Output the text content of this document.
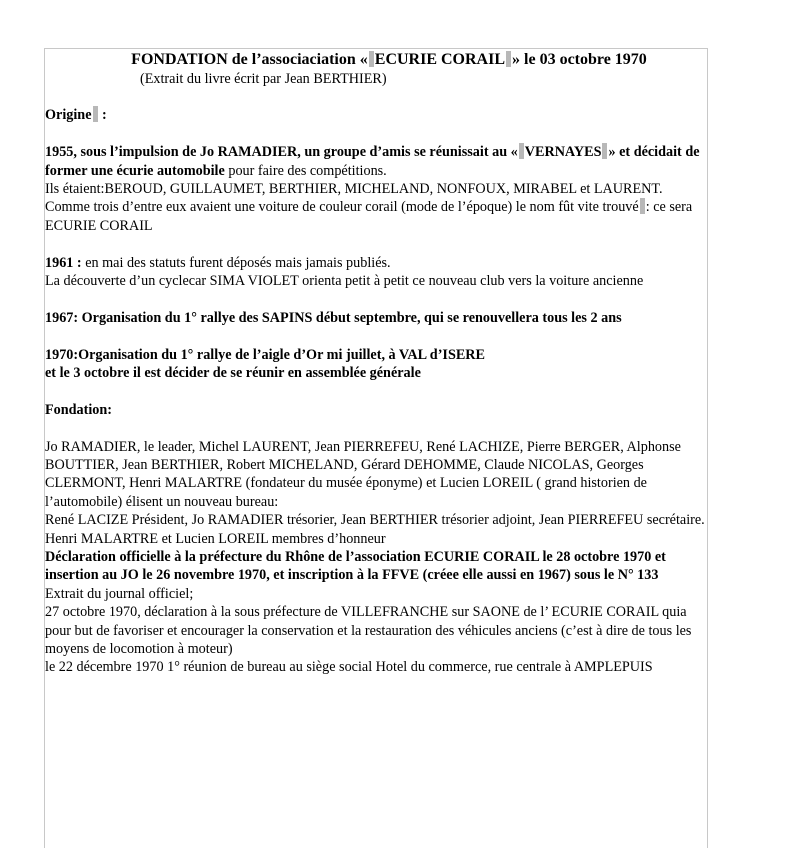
FONDATION de l’associaciation « ECURIE CORAIL » le 03 octobre 1970
(Extrait du livre écrit par Jean BERTHIER)

Origine :

1955, sous l’impulsion de Jo RAMADIER, un groupe d’amis se réunissait au « VERNAYES » et décidait de former une écurie automobile pour faire des compétitions.

Ils étaient:BEROUD, GUILLAUMET, BERTHIER, MICHELAND, NONFOUX, MIRABEL et LAURENT.

Comme trois d’entre eux avaient une voiture de couleur corail (mode de l’époque) le nom fût vite trouvé : ce sera ECURIE CORAIL

1961 : en mai des statuts furent déposés mais jamais publiés.

La découverte d’un cyclecar SIMA VIOLET orienta petit à petit ce nouveau club vers la voiture ancienne

1967: Organisation du 1° rallye des SAPINS début septembre, qui se renouvellera tous les 2 ans

1970:Organisation du 1° rallye de l’aigle d’Or mi juillet, à VAL d’ISERE

et le 3 octobre il est décider de se réunir en assemblée générale

Fondation:

Jo RAMADIER, le leader, Michel LAURENT, Jean PIERREFEU, René LACHIZE, Pierre BERGER, Alphonse BOUTTIER, Jean BERTHIER, Robert MICHELAND, Gérard DEHOMME, Claude NICOLAS, Georges CLERMONT, Henri MALARTRE (fondateur du musée éponyme) et Lucien LOREIL ( grand historien de l’automobile) élisent un nouveau bureau:

René LACIZE Président, Jo RAMADIER trésorier, Jean BERTHIER trésorier adjoint, Jean PIERREFEU secrétaire.

Henri MALARTRE et Lucien LOREIL membres d’honneur

Déclaration officielle à la préfecture du Rhône de l’association ECURIE CORAIL le 28 octobre 1970 et insertion au JO le 26 novembre 1970, et inscription à la FFVE (créee elle aussi en 1967) sous le N° 133

Extrait du journal officiel;

27 octobre 1970, déclaration à la sous préfecture de VILLEFRANCHE sur SAONE de l’ ECURIE CORAIL quia pour but de favoriser et encourager la conservation et la restauration des véhicules anciens (c’est à dire de tous les moyens de locomotion à moteur)

le 22 décembre 1970 1° réunion de bureau au siège social Hotel du commerce, rue centrale à AMPLEPUIS
